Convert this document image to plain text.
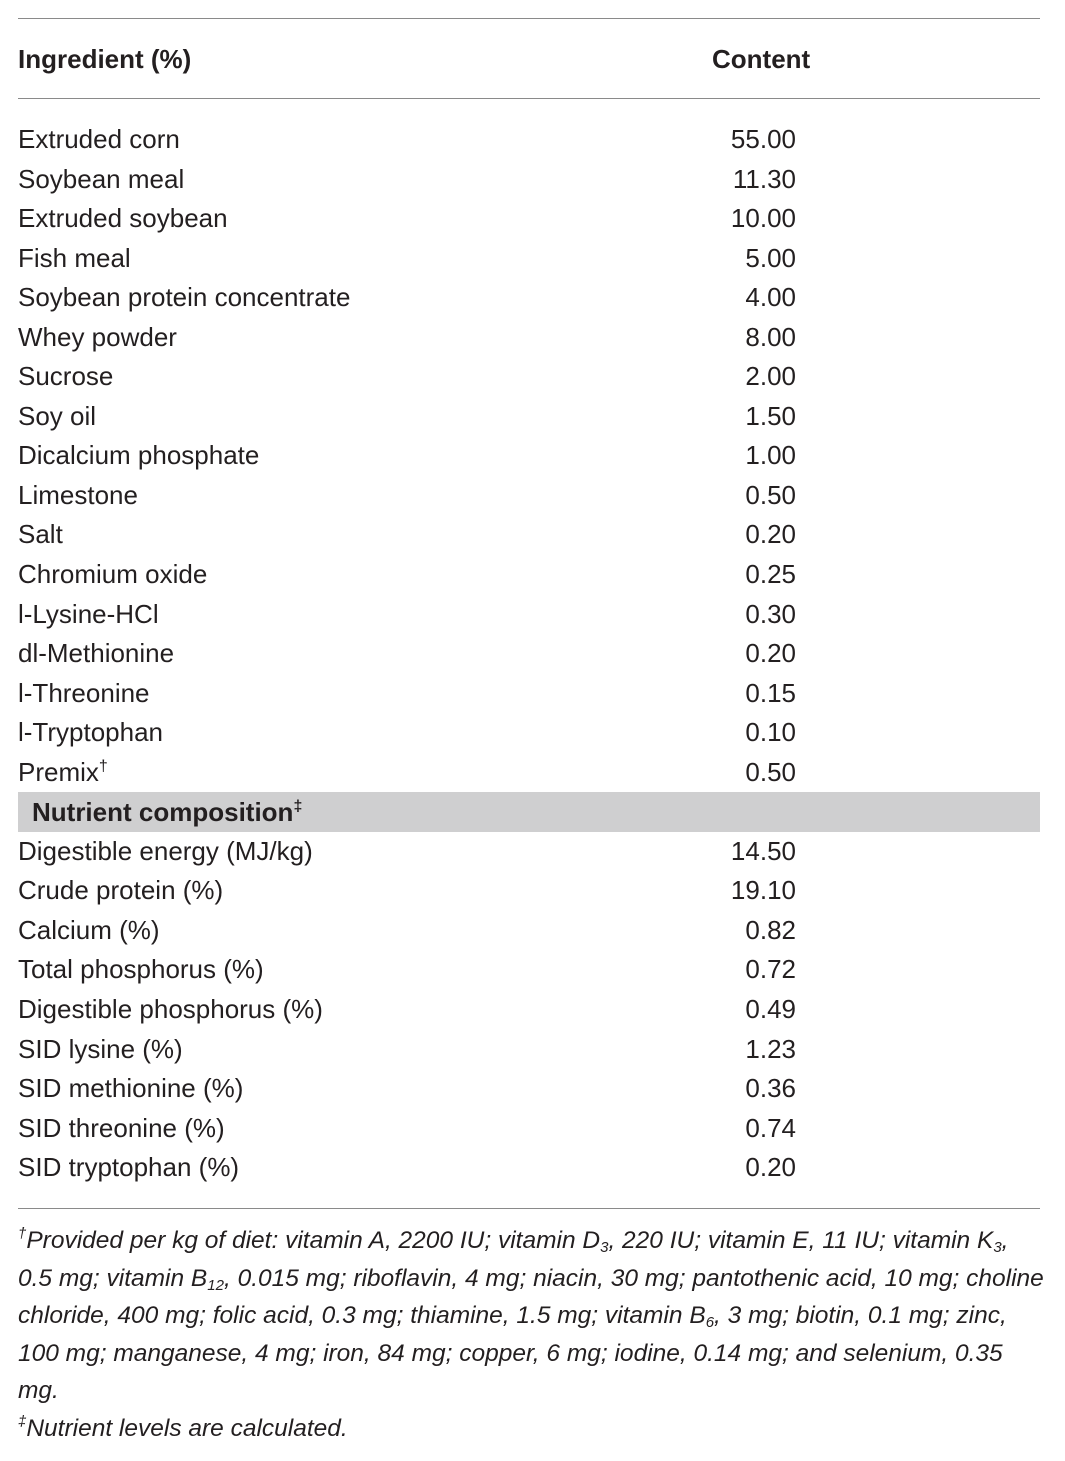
Ingredient (%)	Content
Extruded corn	55.00
Soybean meal	11.30
Extruded soybean	10.00
Fish meal	5.00
Soybean protein concentrate	4.00
Whey powder	8.00
Sucrose	2.00
Soy oil	1.50
Dicalcium phosphate	1.00
Limestone	0.50
Salt	0.20
Chromium oxide	0.25
l-Lysine-HCl	0.30
dl-Methionine	0.20
l-Threonine	0.15
l-Tryptophan	0.10
Premix†	0.50
Nutrient composition‡
Digestible energy (MJ/kg)	14.50
Crude protein (%)	19.10
Calcium (%)	0.82
Total phosphorus (%)	0.72
Digestible phosphorus (%)	0.49
SID lysine (%)	1.23
SID methionine (%)	0.36
SID threonine (%)	0.74
SID tryptophan (%)	0.20

†Provided per kg of diet: vitamin A, 2200 IU; vitamin $D_3$, 220 IU; vitamin E, 11 IU; vitamin $K_3$, 0.5 mg; vitamin $B_{12}$, 0.015 mg; riboflavin, 4 mg; niacin, 30 mg; pantothenic acid, 10 mg; choline chloride, 400 mg; folic acid, 0.3 mg; thiamine, 1.5 mg; vitamin $B_6$, 3 mg; biotin, 0.1 mg; zinc, 100 mg; manganese, 4 mg; iron, 84 mg; copper, 6 mg; iodine, 0.14 mg; and selenium, 0.35 mg.

‡Nutrient levels are calculated.
